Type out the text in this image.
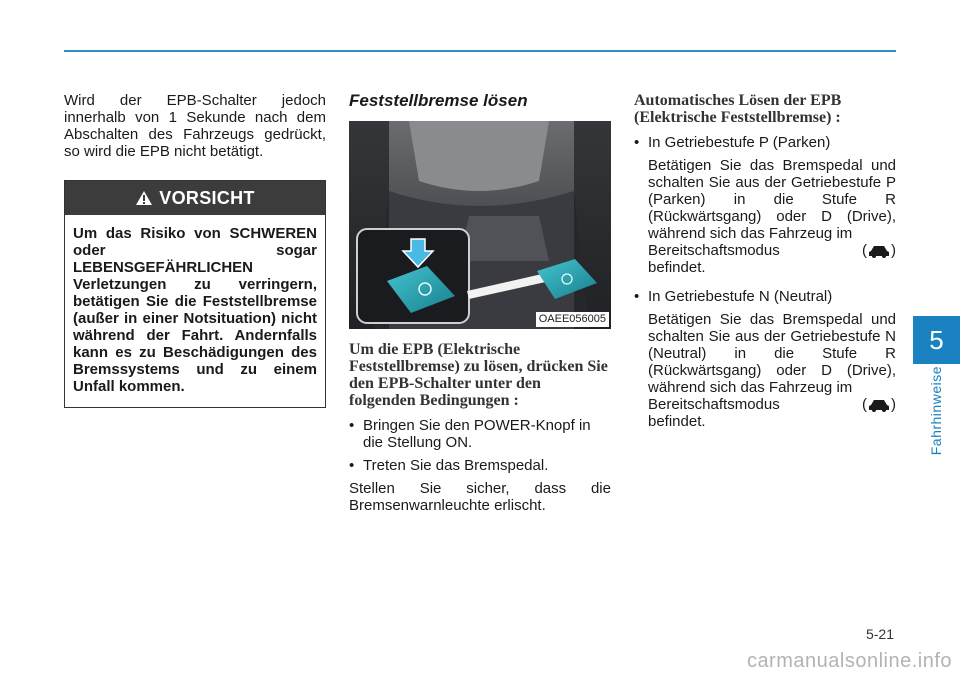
Wird der EPB-Schalter jedoch innerhalb von 1 Sekunde nach dem Abschalten des Fahrzeugs gedrückt, so wird die EPB nicht betätigt.

VORSICHT
Um das Risiko von SCHWEREN oder sogar LEBENSGEFÄHRLICHEN Verletzungen zu verringern, betätigen Sie die Feststellbremse (außer in einer Notsituation) nicht während der Fahrt. Andernfalls kann es zu Beschädigungen des Bremssystems und zu einem Unfall kommen.

Feststellbremse lösen

OAEE056005

Um die EPB (Elektrische Feststellbremse) zu lösen, drücken Sie den EPB-Schalter unter den folgenden Bedingungen :

• Bringen Sie den POWER-Knopf in die Stellung ON.
• Treten Sie das Bremspedal.

Stellen Sie sicher, dass die Bremsenwarnleuchte erlischt.

Automatisches Lösen der EPB (Elektrische Feststellbremse) :

• In Getriebestufe P (Parken)

Betätigen Sie das Bremspedal und schalten Sie aus der Getriebestufe P (Parken) in die Stufe R (Rückwärtsgang) oder D (Drive), während sich das Fahrzeug im

Bereitschaftsmodus	( )

befindet.

• In Getriebestufe N (Neutral)

Betätigen Sie das Bremspedal und schalten Sie aus der Getriebestufe N (Neutral) in die Stufe R (Rückwärtsgang) oder D (Drive), während sich das Fahrzeug im

Bereitschaftsmodus	( )

befindet.

5
Fahrhinweise
5-21
carmanualsonline.info
